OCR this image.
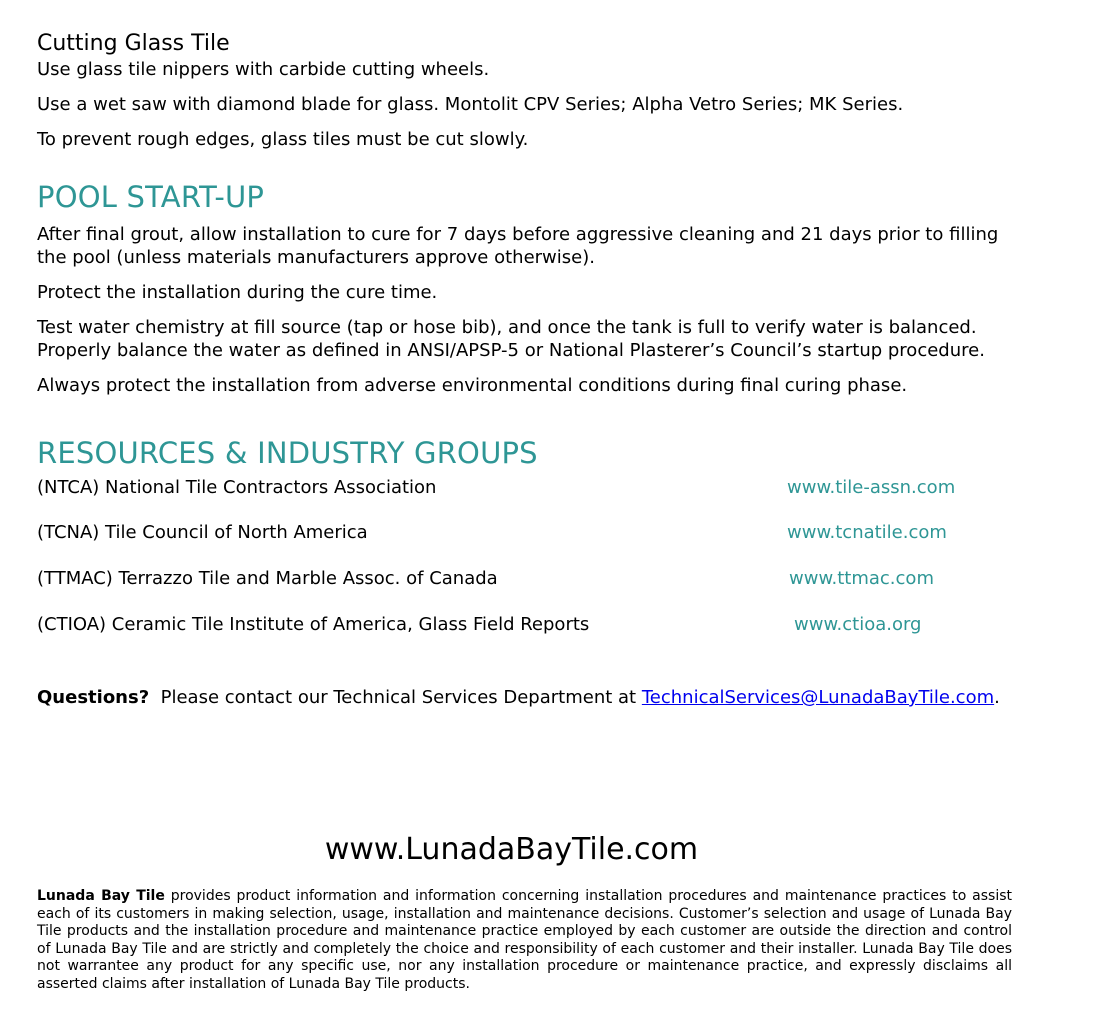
Cutting Glass Tile

Use glass tile nippers with carbide cutting wheels.

Use a wet saw with diamond blade for glass. Montolit CPV Series; Alpha Vetro Series; MK Series.

To prevent rough edges, glass tiles must be cut slowly.

POOL START-UP

After final grout, allow installation to cure for 7 days before aggressive cleaning and 21 days prior to filling the pool (unless materials manufacturers approve otherwise).

Protect the installation during the cure time.

Test water chemistry at fill source (tap or hose bib), and once the tank is full to verify water is balanced. Properly balance the water as defined in ANSI/APSP-5 or National Plasterer’s Council’s startup procedure.

Always protect the installation from adverse environmental conditions during final curing phase.

RESOURCES & INDUSTRY GROUPS
(NTCA) National Tile Contractors Association	www.tile-assn.com
(TCNA) Tile Council of North America	www.tcnatile.com
(TTMAC) Terrazzo Tile and Marble Assoc. of Canada	www.ttmac.com
(CTIOA) Ceramic Tile Institute of America, Glass Field Reports	www.ctioa.org
Questions? Please contact our Technical Services Department at TechnicalServices@LunadaBayTile.com.
www.LunadaBayTile.com
Lunada Bay Tile provides product information and information concerning installation procedures and maintenance practices to assist each of its customers in making selection, usage, installation and maintenance decisions. Customer’s selection and usage of Lunada Bay Tile products and the installation procedure and maintenance practice employed by each customer are outside the direction and control of Lunada Bay Tile and are strictly and completely the choice and responsibility of each customer and their installer. Lunada Bay Tile does not warrantee any product for any specific use, nor any installation procedure or maintenance practice, and expressly disclaims all asserted claims after installation of Lunada Bay Tile products.
